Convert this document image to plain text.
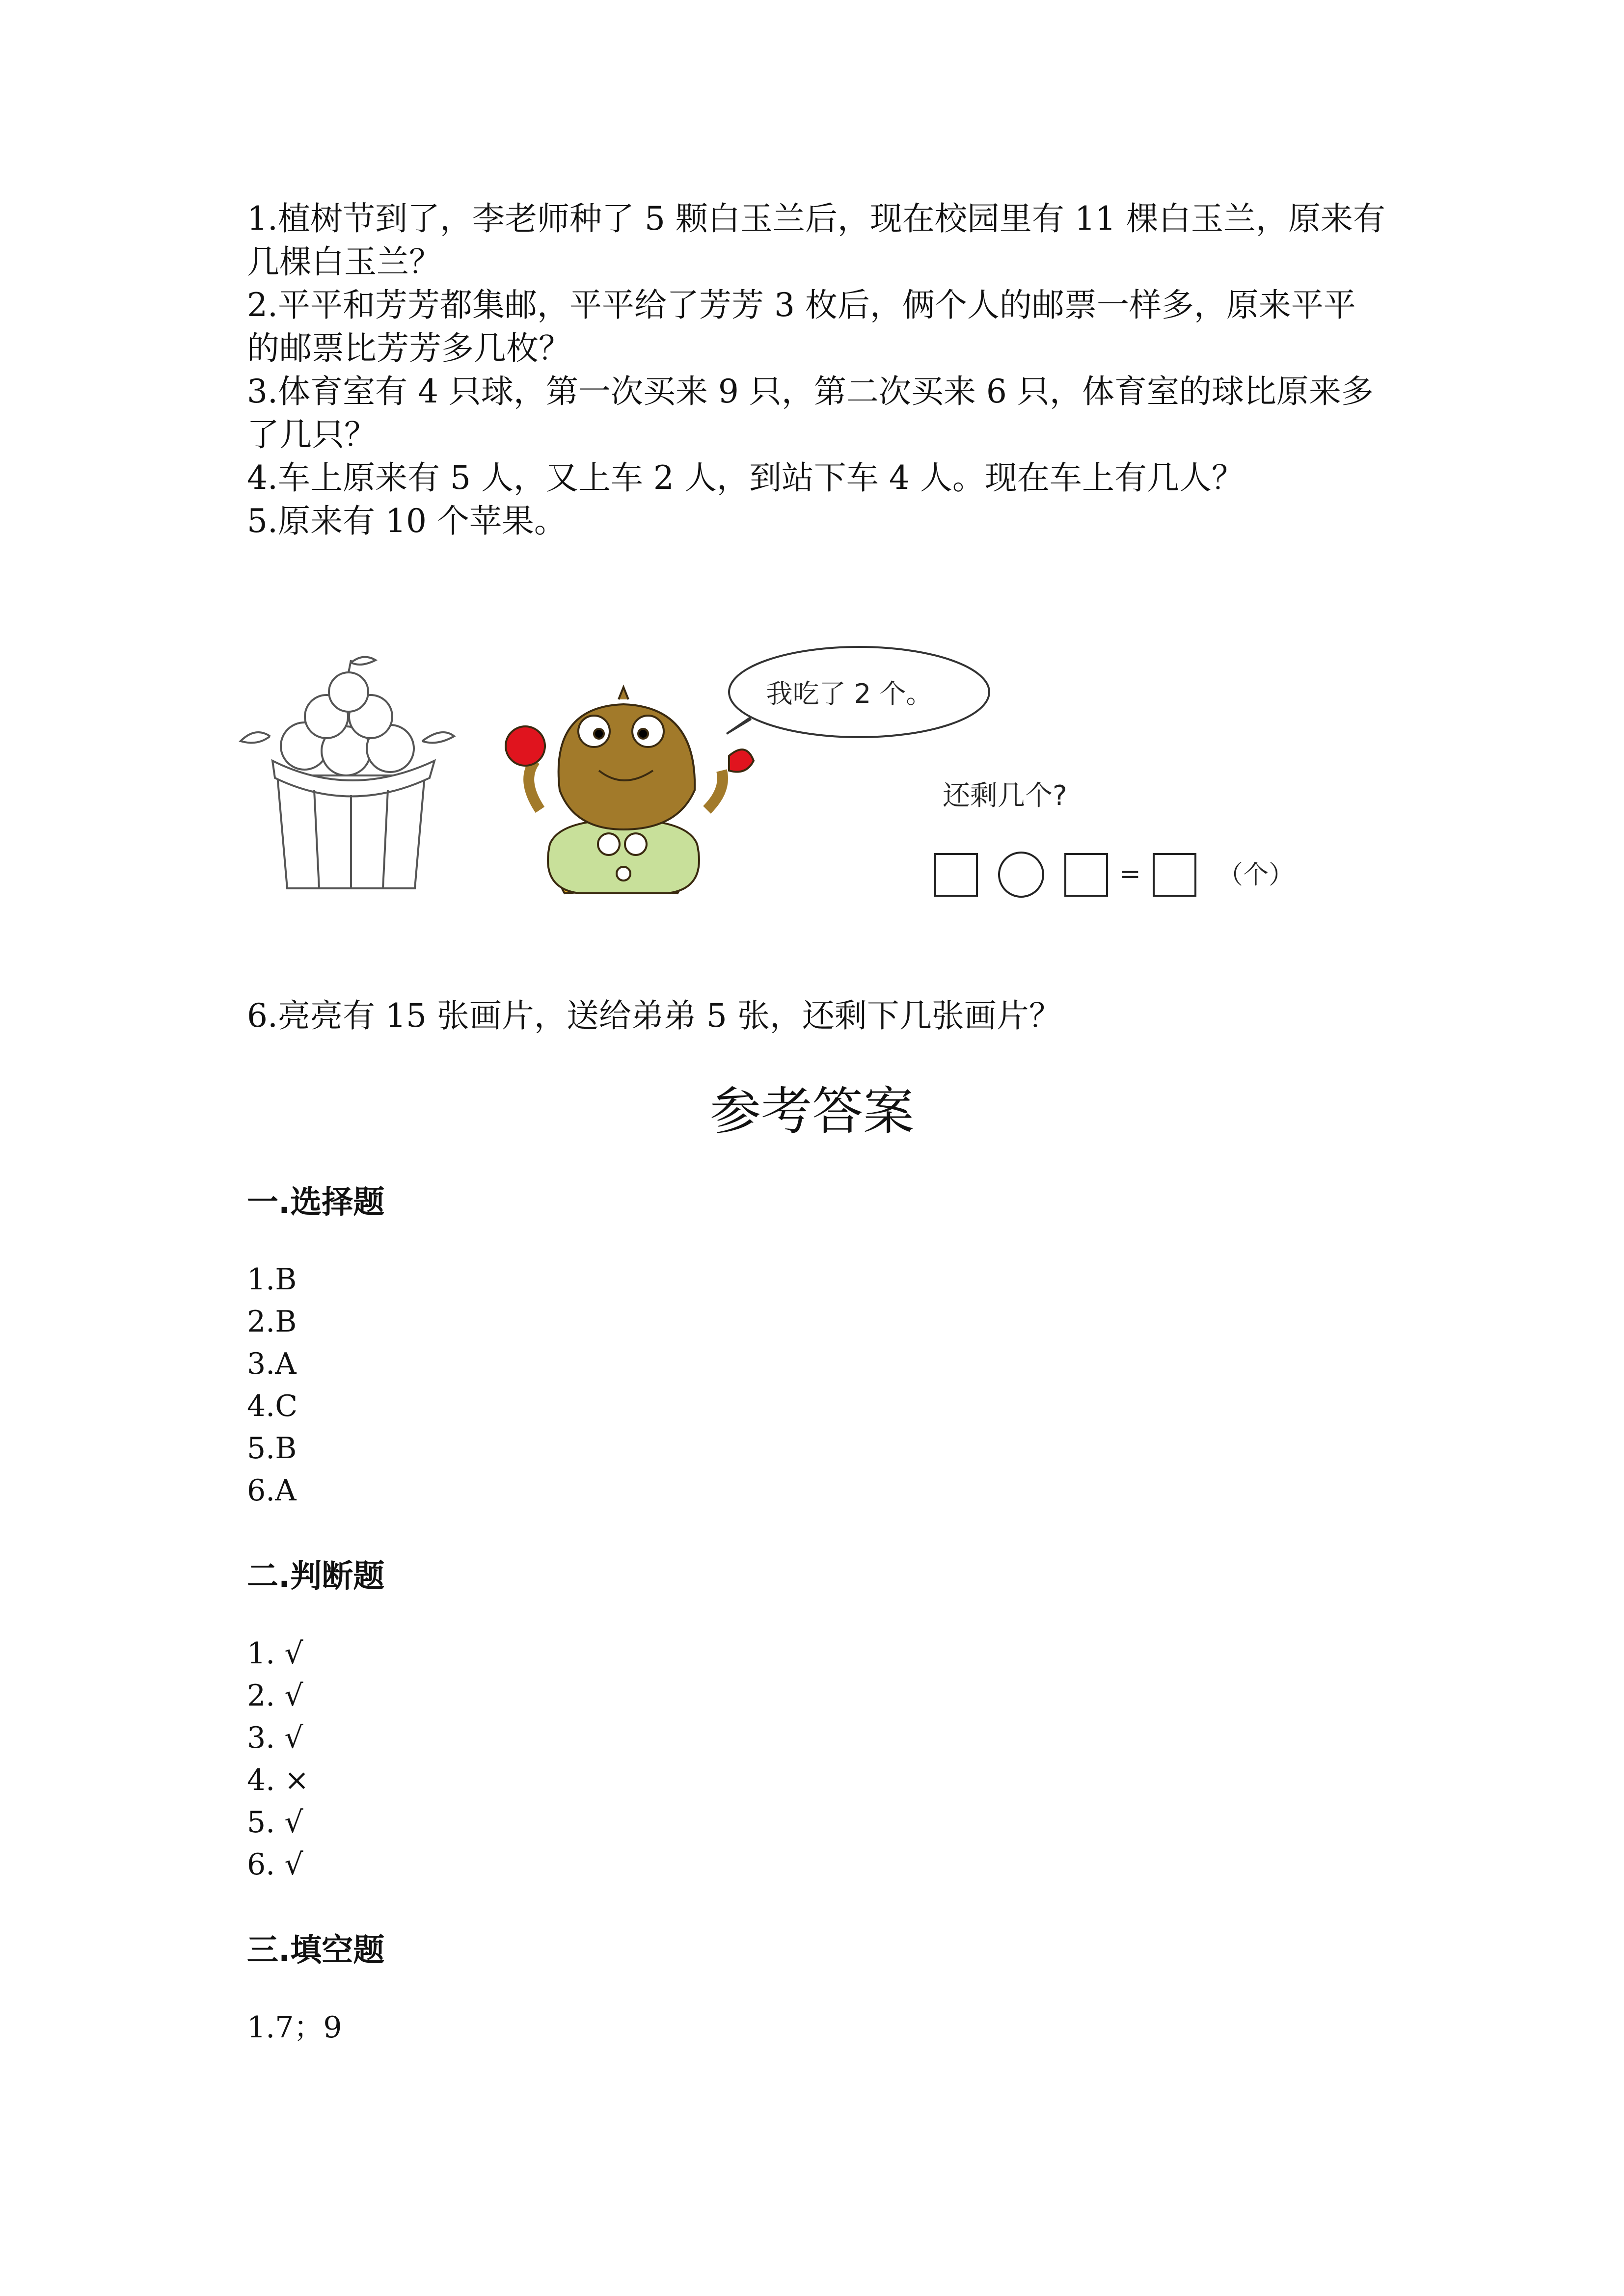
1.植树节到了，李老师种了 5 颗白玉兰后，现在校园里有 11 棵白玉兰，原来有
几棵白玉兰？
2.平平和芳芳都集邮，平平给了芳芳 3 枚后，俩个人的邮票一样多，原来平平
的邮票比芳芳多几枚？
3.体育室有 4 只球，第一次买来 9 只，第二次买来 6 只，体育室的球比原来多
了几只？
4.车上原来有 5 人，又上车 2 人，到站下车 4 人。现在车上有几人？
5.原来有 10 个苹果。
我吃了 2 个。
还剩几个?
=	（个）
6.亮亮有 15 张画片，送给弟弟 5 张，还剩下几张画片？
参考答案
一.选择题
1.B
2.B
3.A
4.C
5.B
6.A
二.判断题
1. √
2. √
3. √
4. ×
5. √
6. √
三.填空题
1.7；9
